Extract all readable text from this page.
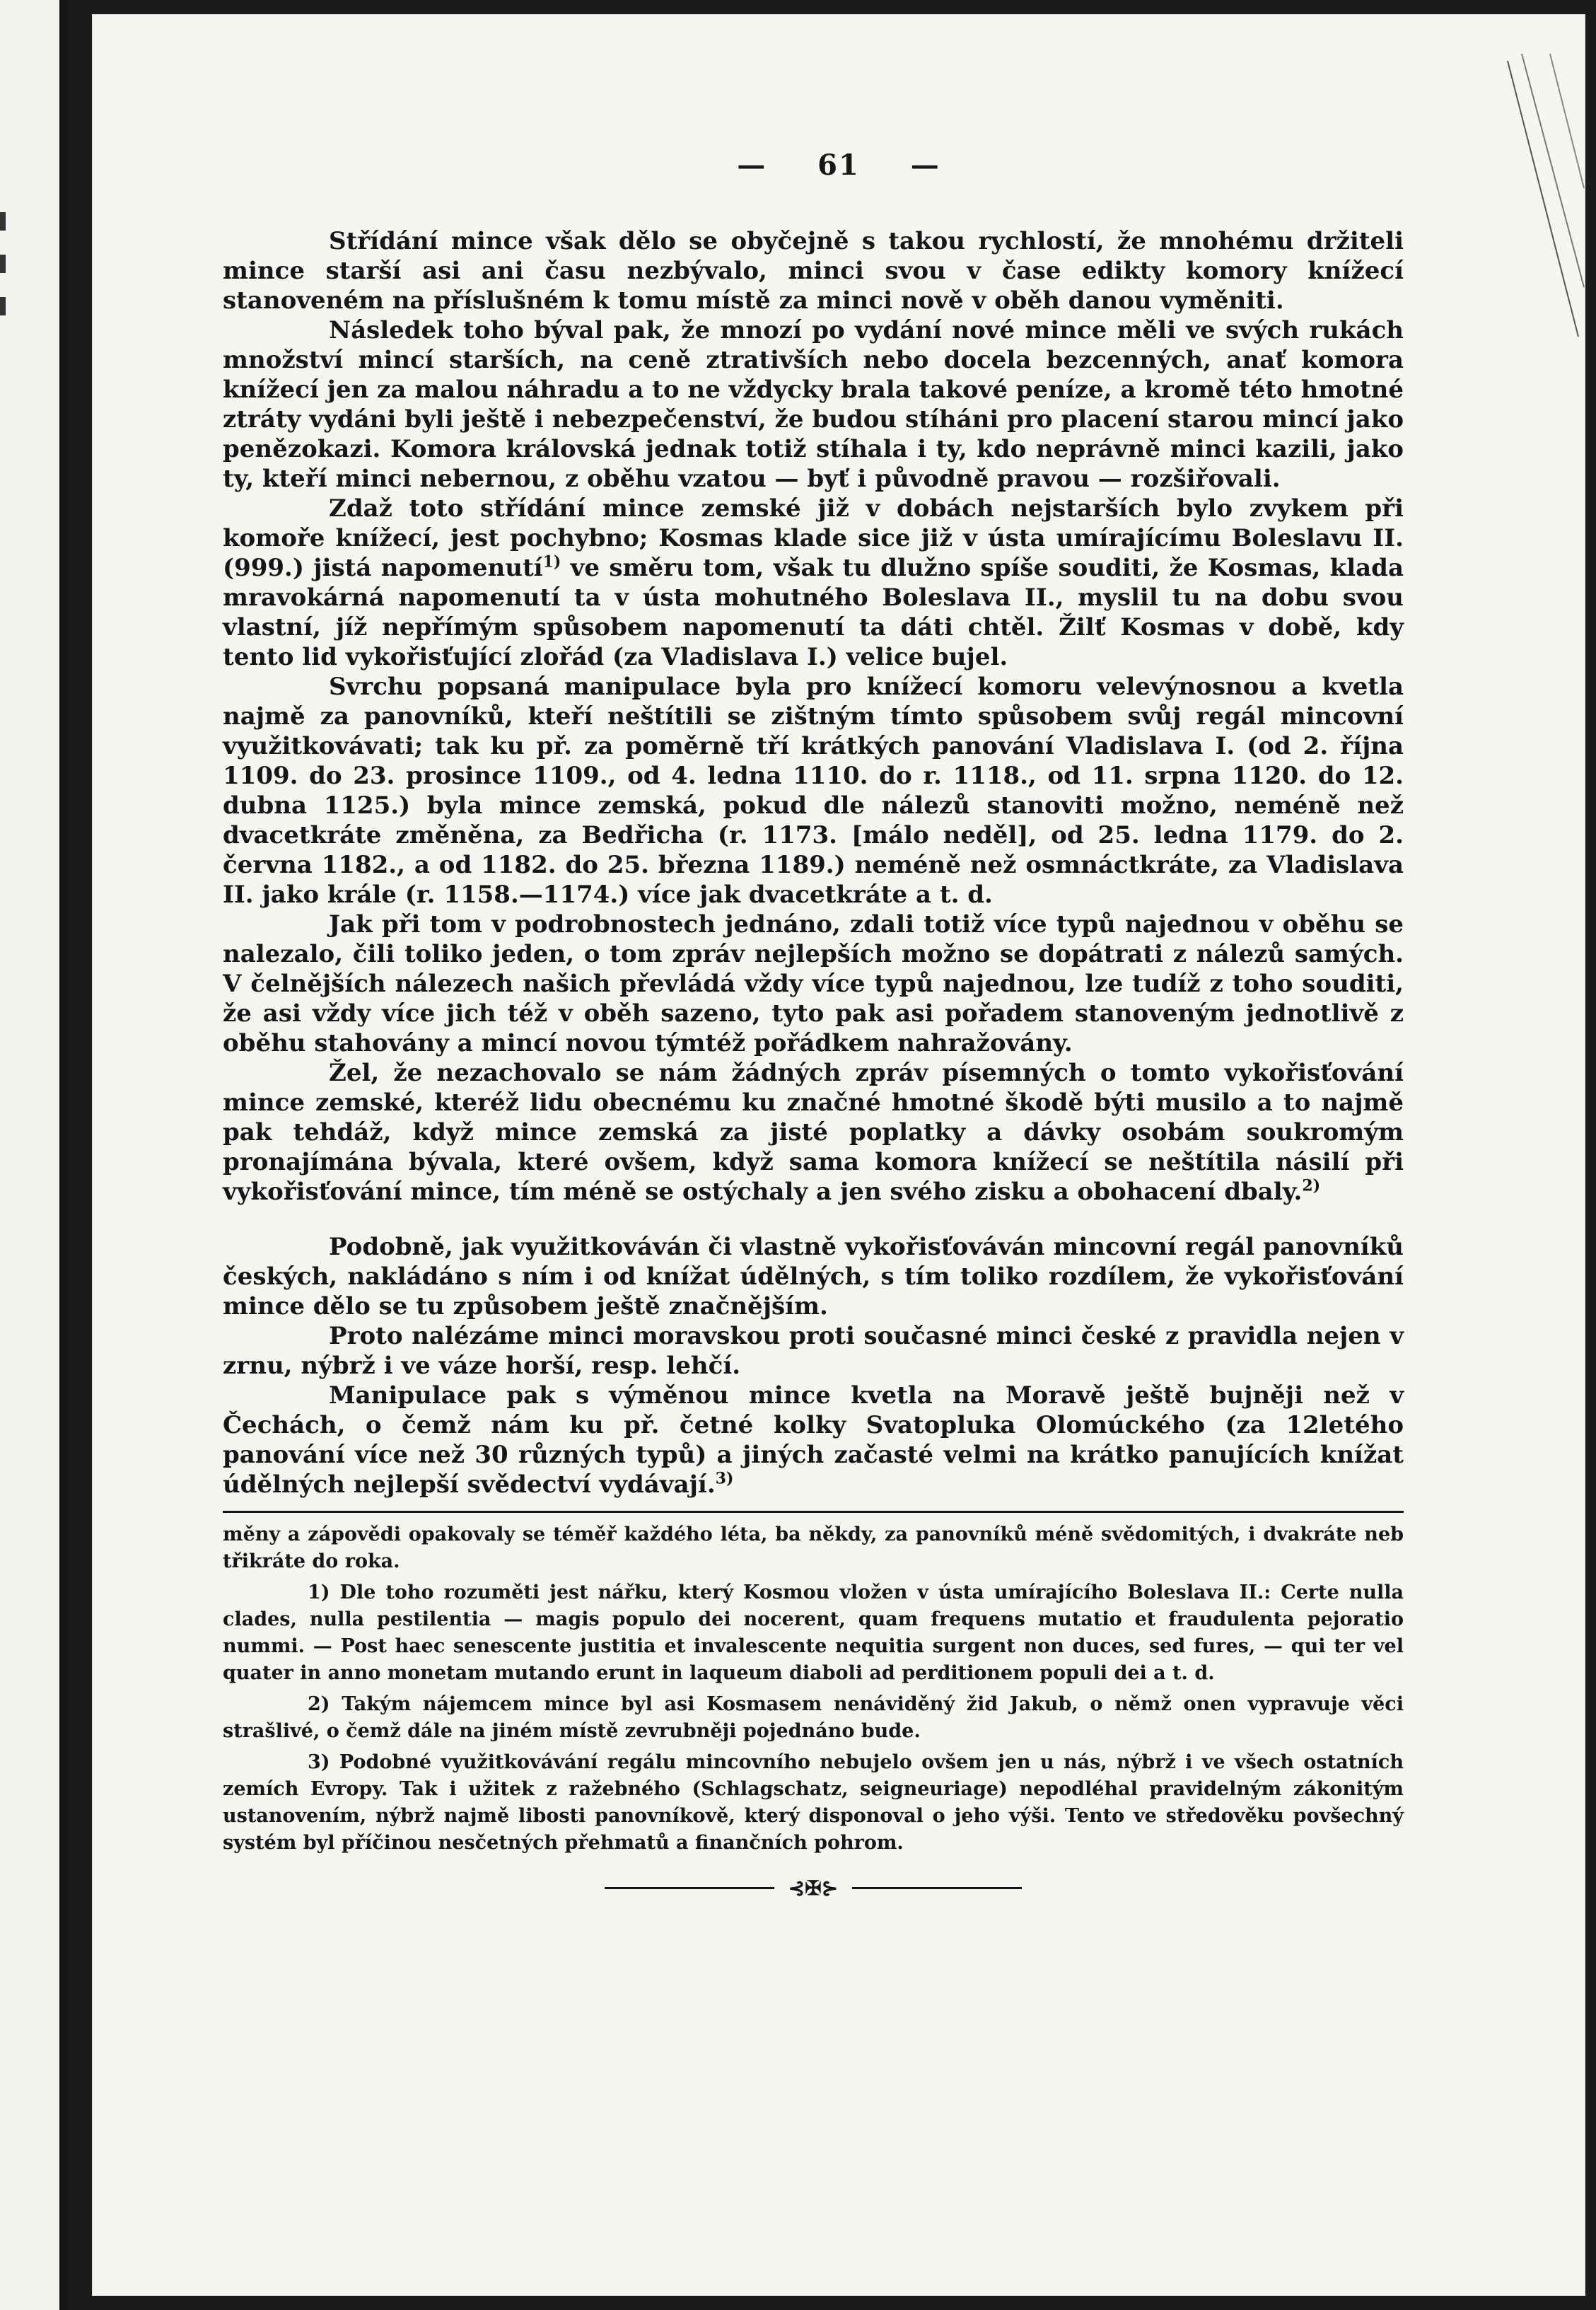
— 61 —

Střídání mince však dělo se obyčejně s takou rychlostí, že mnohému držiteli mince starší asi ani času nezbývalo, minci svou v čase edikty komory knížecí stanoveném na příslušném k tomu místě za minci nově v oběh danou vyměniti.

Následek toho býval pak, že mnozí po vydání nové mince měli ve svých rukách množství mincí starších, na ceně ztrativších nebo docela bezcenných, anať komora knížecí jen za malou náhradu a to ne vždycky brala takové peníze, a kromě této hmotné ztráty vydáni byli ještě i nebezpečenství, že budou stíháni pro placení starou mincí jako penězokazi. Komora královská jednak totiž stíhala i ty, kdo neprávně minci kazili, jako ty, kteří minci nebernou, z oběhu vzatou — byť i původně pravou — rozšiřovali.

Zdaž toto střídání mince zemské již v dobách nejstarších bylo zvykem při komoře knížecí, jest pochybno; Kosmas klade sice již v ústa umírajícímu Boleslavu II. (999.) jistá napomenutí$^{1)}$ ve směru tom, však tu dlužno spíše souditi, že Kosmas, klada mravokárná napomenutí ta v ústa mohutného Boleslava II., myslil tu na dobu svou vlastní, jíž nepřímým spůsobem napomenutí ta dáti chtěl. Žilť Kosmas v době, kdy tento lid vykořisťující zlořád (za Vladislava I.) velice bujel.

Svrchu popsaná manipulace byla pro knížecí komoru velevýnosnou a kvetla najmě za panovníků, kteří neštítili se zištným tímto spůsobem svůj regál mincovní využitkovávati; tak ku př. za poměrně tří krátkých panování Vladislava I. (od 2. října 1109. do 23. prosince 1109., od 4. ledna 1110. do r. 1118., od 11. srpna 1120. do 12. dubna 1125.) byla mince zemská, pokud dle nálezů stanoviti možno, neméně než dvacetkráte změněna, za Bedřicha (r. 1173. [málo neděl], od 25. ledna 1179. do 2. června 1182., a od 1182. do 25. března 1189.) neméně než osmnáctkráte, za Vladislava II. jako krále (r. 1158.—1174.) více jak dvacetkráte a t. d.

Jak při tom v podrobnostech jednáno, zdali totiž více typů najednou v oběhu se nalezalo, čili toliko jeden, o tom zpráv nejlepších možno se dopátrati z nálezů samých. V čelnějších nálezech našich převládá vždy více typů najednou, lze tudíž z toho souditi, že asi vždy více jich též v oběh sazeno, tyto pak asi pořadem stanoveným jednotlivě z oběhu stahovány a mincí novou týmtéž pořádkem nahražovány.

Žel, že nezachovalo se nám žádných zpráv písemných o tomto vykořisťování mince zemské, kteréž lidu obecnému ku značné hmotné škodě býti musilo a to najmě pak tehdáž, když mince zemská za jisté poplatky a dávky osobám soukromým pronajímána bývala, které ovšem, když sama komora knížecí se neštítila násilí při vykořisťování mince, tím méně se ostýchaly a jen svého zisku a obohacení dbaly.$^{2)}$

Podobně, jak využitkováván či vlastně vykořisťováván mincovní regál panovníků českých, nakládáno s ním i od knížat údělných, s tím toliko rozdílem, že vykořisťování mince dělo se tu způsobem ještě značnějším.

Proto nalézáme minci moravskou proti současné minci české z pravidla nejen v zrnu, nýbrž i ve váze horší, resp. lehčí.

Manipulace pak s výměnou mince kvetla na Moravě ještě bujněji než v Čechách, o čemž nám ku př. četné kolky Svatopluka Olomúckého (za 12letého panování více než 30 různých typů) a jiných začasté velmi na krátko panujících knížat údělných nejlepší svědectví vydávají.$^{3)}$

měny a zápovědi opakovaly se téměř každého léta, ba někdy, za panovníků méně svědomitých, i dvakráte neb třikráte do roka.

1) Dle toho rozuměti jest nářku, který Kosmou vložen v ústa umírajícího Boleslava II.: Certe nulla clades, nulla pestilentia — magis populo dei nocerent, quam frequens mutatio et fraudulenta pejoratio nummi. — Post haec senescente justitia et invalescente nequitia surgent non duces, sed fures, — qui ter vel quater in anno monetam mutando erunt in laqueum diaboli ad perditionem populi dei a t. d.

2) Takým nájemcem mince byl asi Kosmasem nenáviděný žid Jakub, o němž onen vypravuje věci strašlivé, o čemž dále na jiném místě zevrubněji pojednáno bude.

3) Podobné využitkovávání regálu mincovního nebujelo ovšem jen u nás, nýbrž i ve všech ostatních zemích Evropy. Tak i užitek z ražebného (Schlagschatz, seigneuriage) nepodléhal pravidelným zákonitým ustanovením, nýbrž najmě libosti panovníkově, který disponoval o jeho výši. Tento ve středověku povšechný systém byl příčinou nesčetných přehmatů a finančních pohrom.

⊰✠⊱
